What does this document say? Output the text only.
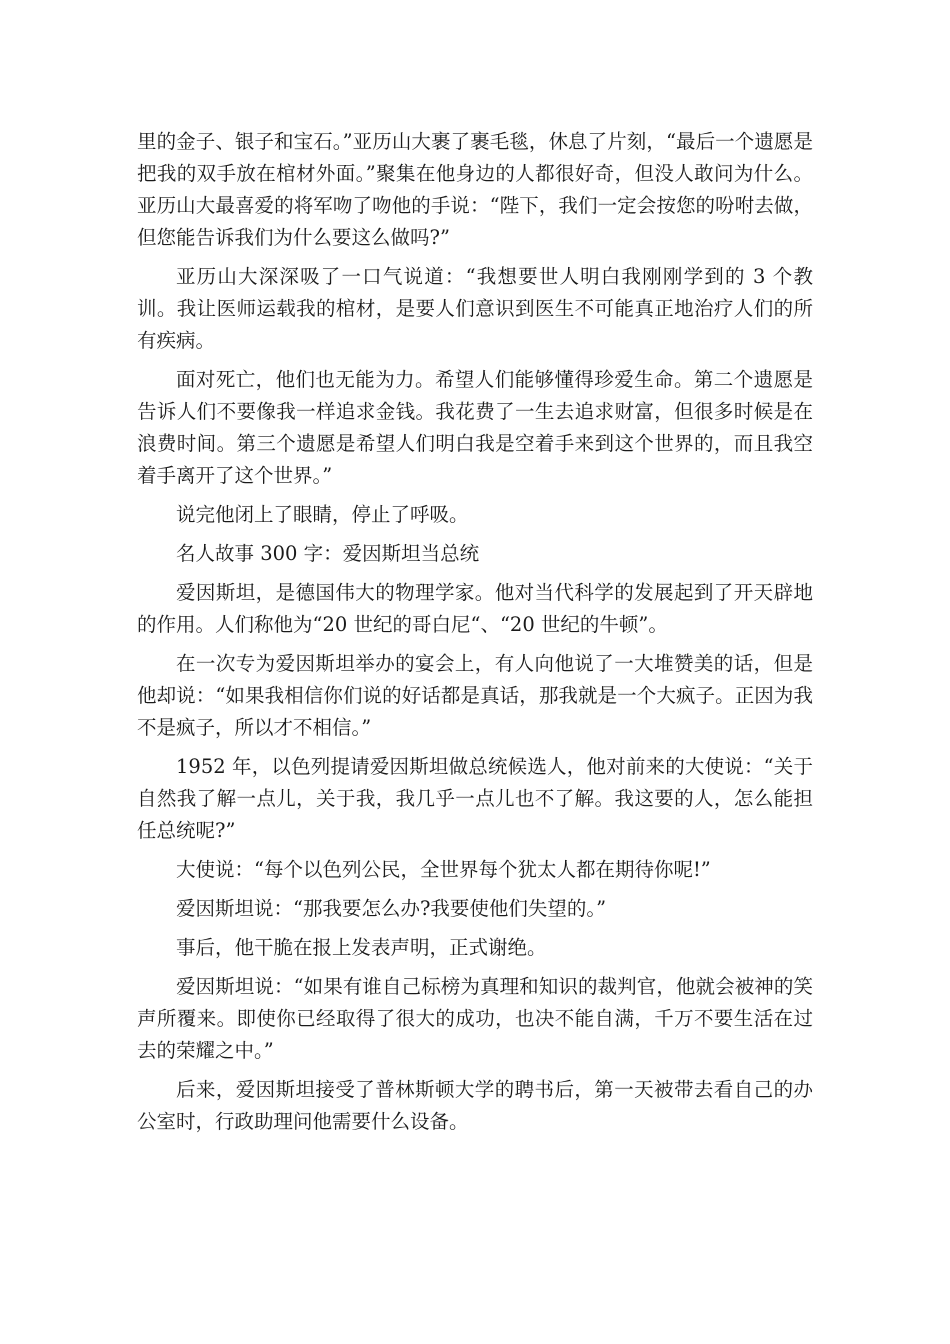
里的金子、银子和宝石。”亚历山大裹了裹毛毯，休息了片刻，“最后一个遗愿是把我的双手放在棺材外面。”聚集在他身边的人都很好奇，但没人敢问为什么。亚历山大最喜爱的将军吻了吻他的手说：“陛下，我们一定会按您的吩咐去做，但您能告诉我们为什么要这么做吗?”

亚历山大深深吸了一口气说道：“我想要世人明白我刚刚学到的 3 个教训。我让医师运载我的棺材，是要人们意识到医生不可能真正地治疗人们的所有疾病。

面对死亡，他们也无能为力。希望人们能够懂得珍爱生命。第二个遗愿是告诉人们不要像我一样追求金钱。我花费了一生去追求财富，但很多时候是在浪费时间。第三个遗愿是希望人们明白我是空着手来到这个世界的，而且我空着手离开了这个世界。”

说完他闭上了眼睛，停止了呼吸。

名人故事 300 字：爱因斯坦当总统

爱因斯坦，是德国伟大的物理学家。他对当代科学的发展起到了开天辟地的作用。人们称他为“20 世纪的哥白尼“、“20 世纪的牛顿”。

在一次专为爱因斯坦举办的宴会上，有人向他说了一大堆赞美的话，但是他却说：“如果我相信你们说的好话都是真话，那我就是一个大疯子。正因为我不是疯子，所以才不相信。”

1952 年，以色列提请爱因斯坦做总统候选人，他对前来的大使说：“关于自然我了解一点儿，关于我，我几乎一点儿也不了解。我这要的人，怎么能担任总统呢?”

大使说：“每个以色列公民，全世界每个犹太人都在期待你呢!”

爱因斯坦说：“那我要怎么办?我要使他们失望的。”

事后，他干脆在报上发表声明，正式谢绝。

爱因斯坦说：“如果有谁自己标榜为真理和知识的裁判官，他就会被神的笑声所覆来。即使你已经取得了很大的成功，也决不能自满，千万不要生活在过去的荣耀之中。”

后来，爱因斯坦接受了普林斯顿大学的聘书后，第一天被带去看自己的办公室时，行政助理问他需要什么设备。
